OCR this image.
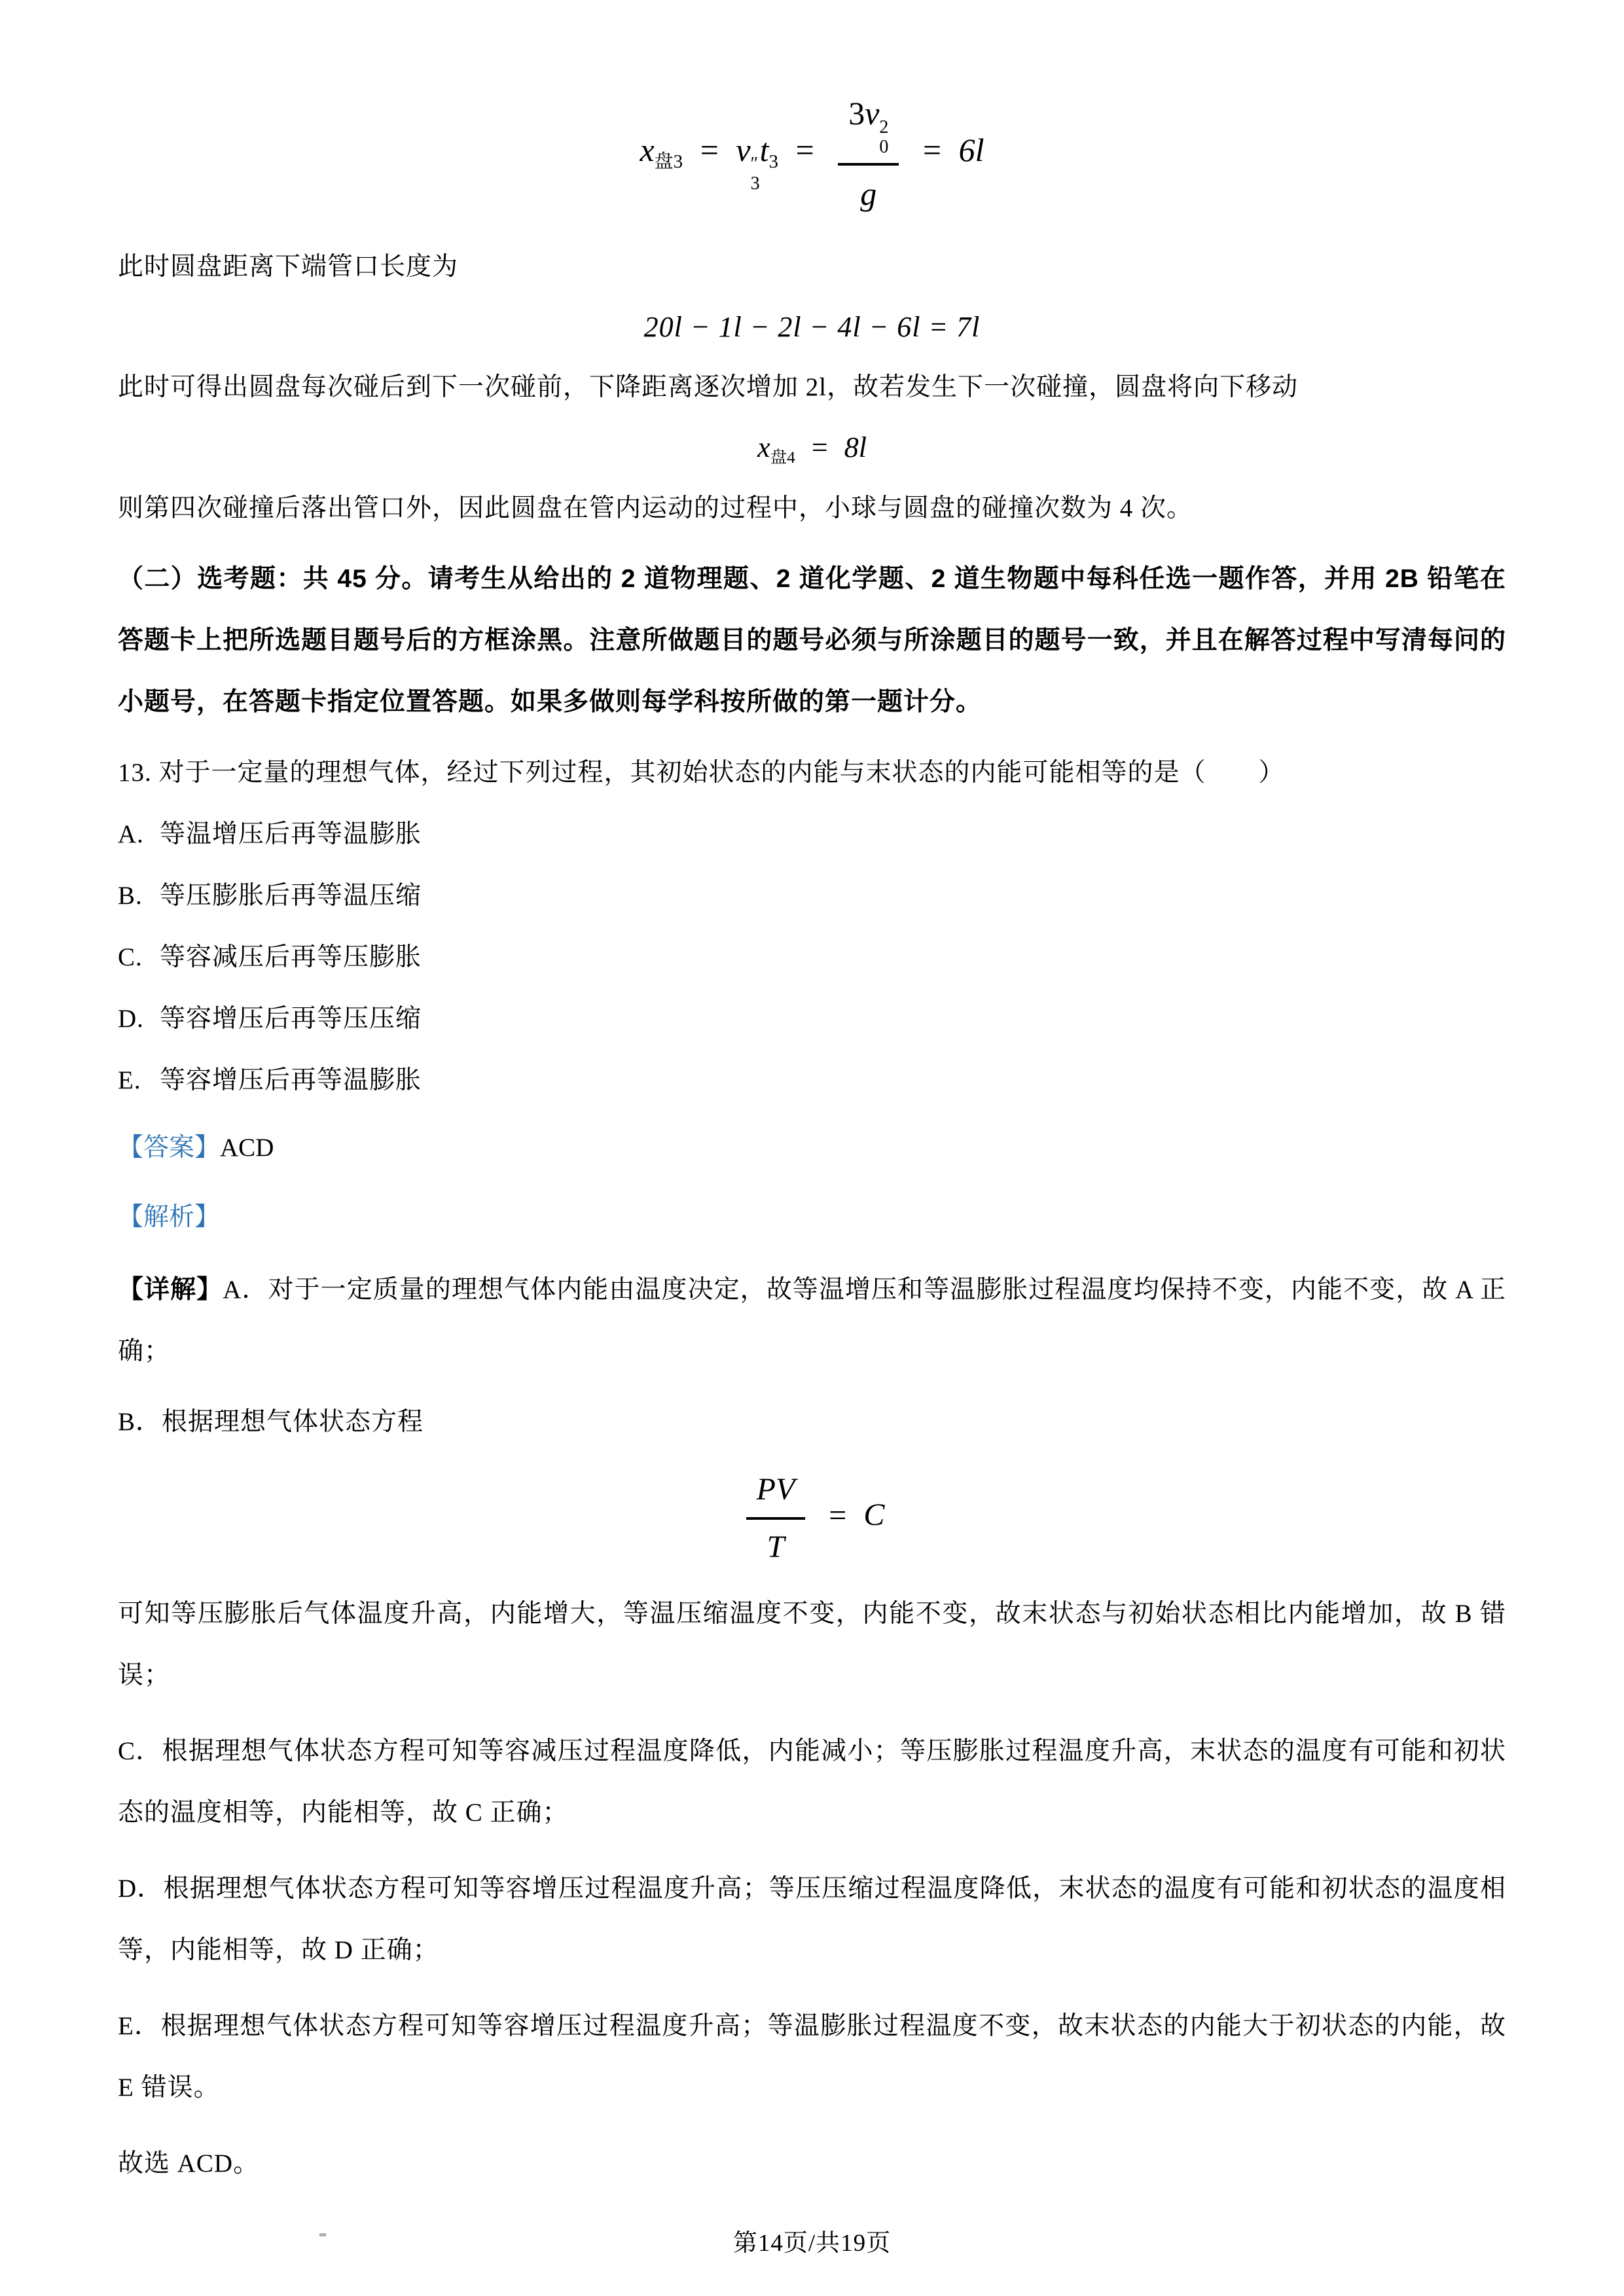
$x_{盘3} = v$ ″
3
$t_3 = 3v$ 2
0
g = 6l

此时圆盘距离下端管口长度为

20l − 1l − 2l − 4l − 6l = 7l

此时可得出圆盘每次碰后到下一次碰前，下降距离逐次增加 2l，故若发生下一次碰撞，圆盘将向下移动

$x_{盘4} = 8l$

则第四次碰撞后落出管口外，因此圆盘在管内运动的过程中，小球与圆盘的碰撞次数为 4 次。

（二）选考题：共 45 分。请考生从给出的 2 道物理题、2 道化学题、2 道生物题中每科任选一题作答，并用 2B 铅笔在答题卡上把所选题目题号后的方框涂黑。注意所做题目的题号必须与所涂题目的题号一致，并且在解答过程中写清每问的小题号，在答题卡指定位置答题。如果多做则每学科按所做的第一题计分。

13. 对于一定量的理想气体，经过下列过程，其初始状态的内能与末状态的内能可能相等的是（　　）

A. 等温增压后再等温膨胀

B. 等压膨胀后再等温压缩

C. 等容减压后再等压膨胀

D. 等容增压后再等压压缩

E. 等容增压后再等温膨胀

【答案】ACD

【解析】

【详解】A．对于一定质量的理想气体内能由温度决定，故等温增压和等温膨胀过程温度均保持不变，内能不变，故 A 正确；

B．根据理想气体状态方程

$\frac{PV}{T} = C$

可知等压膨胀后气体温度升高，内能增大，等温压缩温度不变，内能不变，故末状态与初始状态相比内能增加，故 B 错误；

C．根据理想气体状态方程可知等容减压过程温度降低，内能减小；等压膨胀过程温度升高，末状态的温度有可能和初状态的温度相等，内能相等，故 C 正确；

D．根据理想气体状态方程可知等容增压过程温度升高；等压压缩过程温度降低，末状态的温度有可能和初状态的温度相等，内能相等，故 D 正确；

E．根据理想气体状态方程可知等容增压过程温度升高；等温膨胀过程温度不变，故末状态的内能大于初状态的内能，故 E 错误。

故选 ACD。

第14页/共19页
